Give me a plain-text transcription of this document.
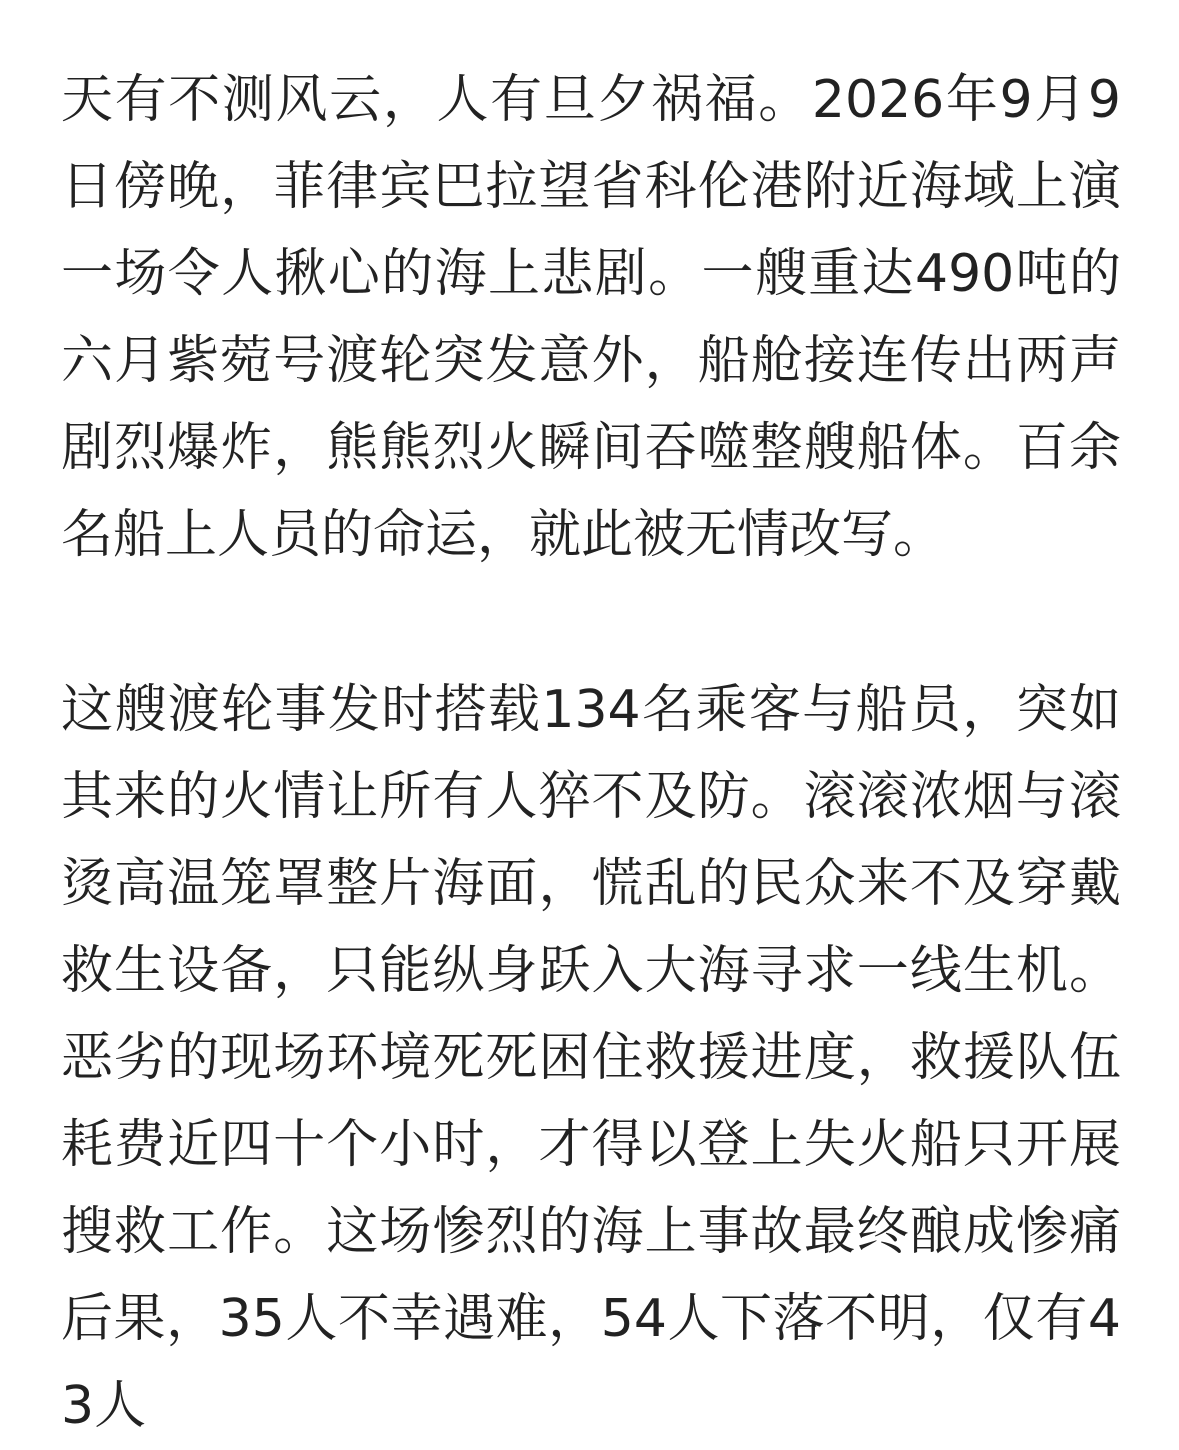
天有不测风云，人有旦夕祸福。2026年9月9日傍晚，菲律宾巴拉望省科伦港附近海域上演一场令人揪心的海上悲剧。一艘重达490吨的六月紫菀号渡轮突发意外，船舱接连传出两声剧烈爆炸，熊熊烈火瞬间吞噬整艘船体。百余名船上人员的命运，就此被无情改写。

这艘渡轮事发时搭载134名乘客与船员，突如其来的火情让所有人猝不及防。滚滚浓烟与滚烫高温笼罩整片海面，慌乱的民众来不及穿戴救生设备，只能纵身跃入大海寻求一线生机。恶劣的现场环境死死困住救援进度，救援队伍耗费近四十个小时，才得以登上失火船只开展搜救工作。这场惨烈的海上事故最终酿成惨痛后果，35人不幸遇难，54人下落不明，仅有43人
